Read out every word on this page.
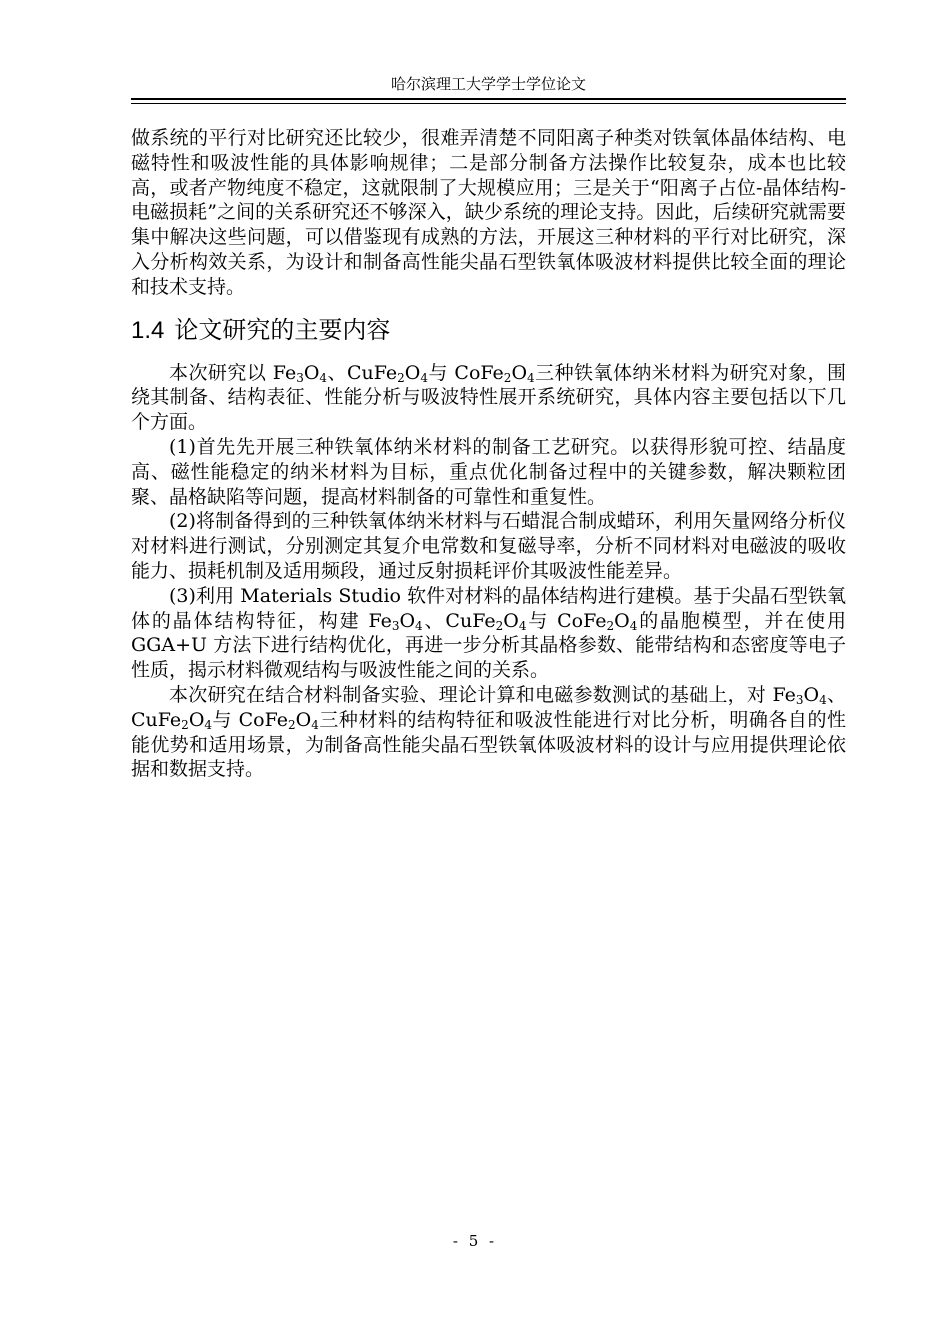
哈尔滨理工大学学士学位论文

做系统的平行对比研究还比较少，很难弄清楚不同阳离子种类对铁氧体晶体结构、电磁特性和吸波性能的具体影响规律；二是部分制备方法操作比较复杂，成本也比较高，或者产物纯度不稳定，这就限制了大规模应用；三是关于“阳离子占位-晶体结构-电磁损耗”之间的关系研究还不够深入，缺少系统的理论支持。因此，后续研究就需要集中解决这些问题，可以借鉴现有成熟的方法，开展这三种材料的平行对比研究，深入分析构效关系，为设计和制备高性能尖晶石型铁氧体吸波材料提供比较全面的理论和技术支持。

1.4 论文研究的主要内容

本次研究以 $Fe_3O_4$、$CuFe_2O_4$与 $CoFe_2O_4$三种铁氧体纳米材料为研究对象，围绕其制备、结构表征、性能分析与吸波特性展开系统研究，具体内容主要包括以下几个方面。

(1)首先先开展三种铁氧体纳米材料的制备工艺研究。以获得形貌可控、结晶度高、磁性能稳定的纳米材料为目标，重点优化制备过程中的关键参数，解决颗粒团聚、晶格缺陷等问题，提高材料制备的可靠性和重复性。

(2)将制备得到的三种铁氧体纳米材料与石蜡混合制成蜡环，利用矢量网络分析仪对材料进行测试，分别测定其复介电常数和复磁导率，分析不同材料对电磁波的吸收能力、损耗机制及适用频段，通过反射损耗评价其吸波性能差异。

(3)利用 Materials Studio 软件对材料的晶体结构进行建模。基于尖晶石型铁氧体的晶体结构特征，构建 $Fe_3O_4$、$CuFe_2O_4$与 $CoFe_2O_4$的晶胞模型，并在使用 GGA+U 方法下进行结构优化，再进一步分析其晶格参数、能带结构和态密度等电子性质，揭示材料微观结构与吸波性能之间的关系。

本次研究在结合材料制备实验、理论计算和电磁参数测试的基础上，对 $Fe_3O_4$、$CuFe_2O_4$与 $CoFe_2O_4$三种材料的结构特征和吸波性能进行对比分析，明确各自的性能优势和适用场景，为制备高性能尖晶石型铁氧体吸波材料的设计与应用提供理论依据和数据支持。

- 5 -
